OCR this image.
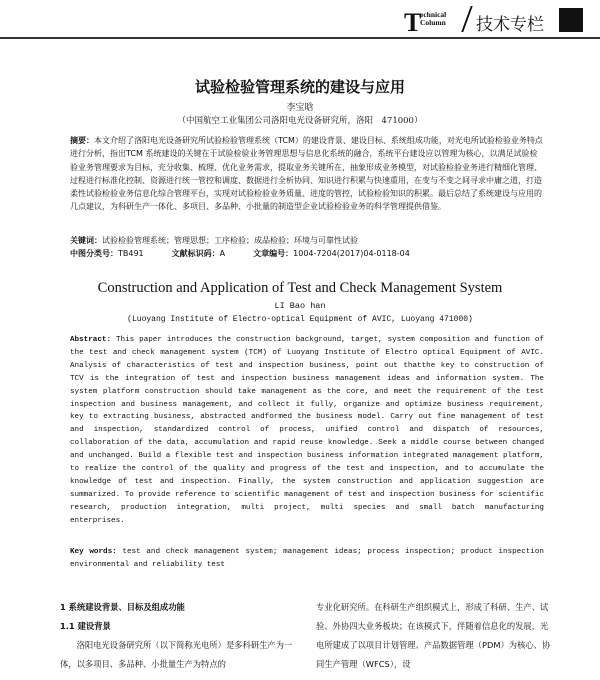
T
echnical
Column 技术专栏
试验检验管理系统的建设与应用
李宝晗
（中国航空工业集团公司洛阳电光设备研究所，洛阳　471000）
摘要：本文介绍了洛阳电光设备研究所试验检验管理系统（TCM）的建设背景、建设目标、系统组成功能，对光电所试验检验业务特点进行分析，指出TCM 系统建设的关键在于试验检验业务管理思想与信息化系统的融合，系统平台建设应以管理为核心，以满足试验检验业务管理要求为目标，充分收集、梳理、优化业务需求，提取业务关键所在，抽象形成业务模型，对试验检验业务进行精细化管理、过程进行标准化控制、资源进行统一管控和调度、数据进行全析协同、知识进行积累与快速重用，在变与不变之间寻求中庸之道，打造柔性试验检验业务信息化综合管理平台，实现对试验检验业务质量、进度的管控，试验检验知识的积累。最后总结了系统建设与应用的几点建议，为科研生产一体化、多项目、多品种、小批量的制造型企业试验检验业务的科学管理提供借鉴。
关键词：试验检验管理系统；管理思想；工序检验；成品检验；环境与可靠性试验
中图分类号：TB491	文献标识码：A	文章编号：1004-7204(2017)04-0118-04
Construction and Application of Test and Check Management System
LI Bao han
(Luoyang Institute of Electro-optical Equipment of AVIC, Luoyang 471000)
Abstract: This paper introduces the construction background, target, system composition and function of the test and check management system (TCM) of Luoyang Institute of Electro optical Equipment of AVIC. Analysis of characteristics of test and inspection business, point out thatthe key to construction of TCV is the integration of test and inspection business management ideas and information system. The system platform construction should take management as the core, and meet the requirement of the test inspection and business management, and collect it fully, organize and optimize business requirement, key to extracting business, abstracted andformed the business model. Carry out fine management of test and inspection, standardized control of process, unified control and dispatch of resources, collaboration of the data, accumulation and rapid reuse knowledge. Seek a middle course between changed and unchanged. Build a flexible test and inspection business information integrated management platform, to realize the control of the quality and progress of the test and inspection, and to accumulate the knowledge of test and inspection. Finally, the system construction and application suggestion are summarized. To provide reference to scientific management of test and inspection business for scientific research, production integration, multi project, multi species and small batch manufacturing enterprises.
Key words: test and check management system; management ideas; process inspection; product inspection environmental and reliability test
1 系统建设背景、目标及组成功能
1.1 建设背景
洛阳电光设备研究所（以下简称光电所）是多科研生产为一体，以多项目、多品种、小批量生产为特点的
专业化研究所。在科研生产组织模式上，形成了科研、生产、试验、外协四大业务板块；在该模式下，伴随着信息化的发展，光电所建成了以项目计划管理、产品数据管理（PDM）为核心、协同生产管理（WFCS），设
